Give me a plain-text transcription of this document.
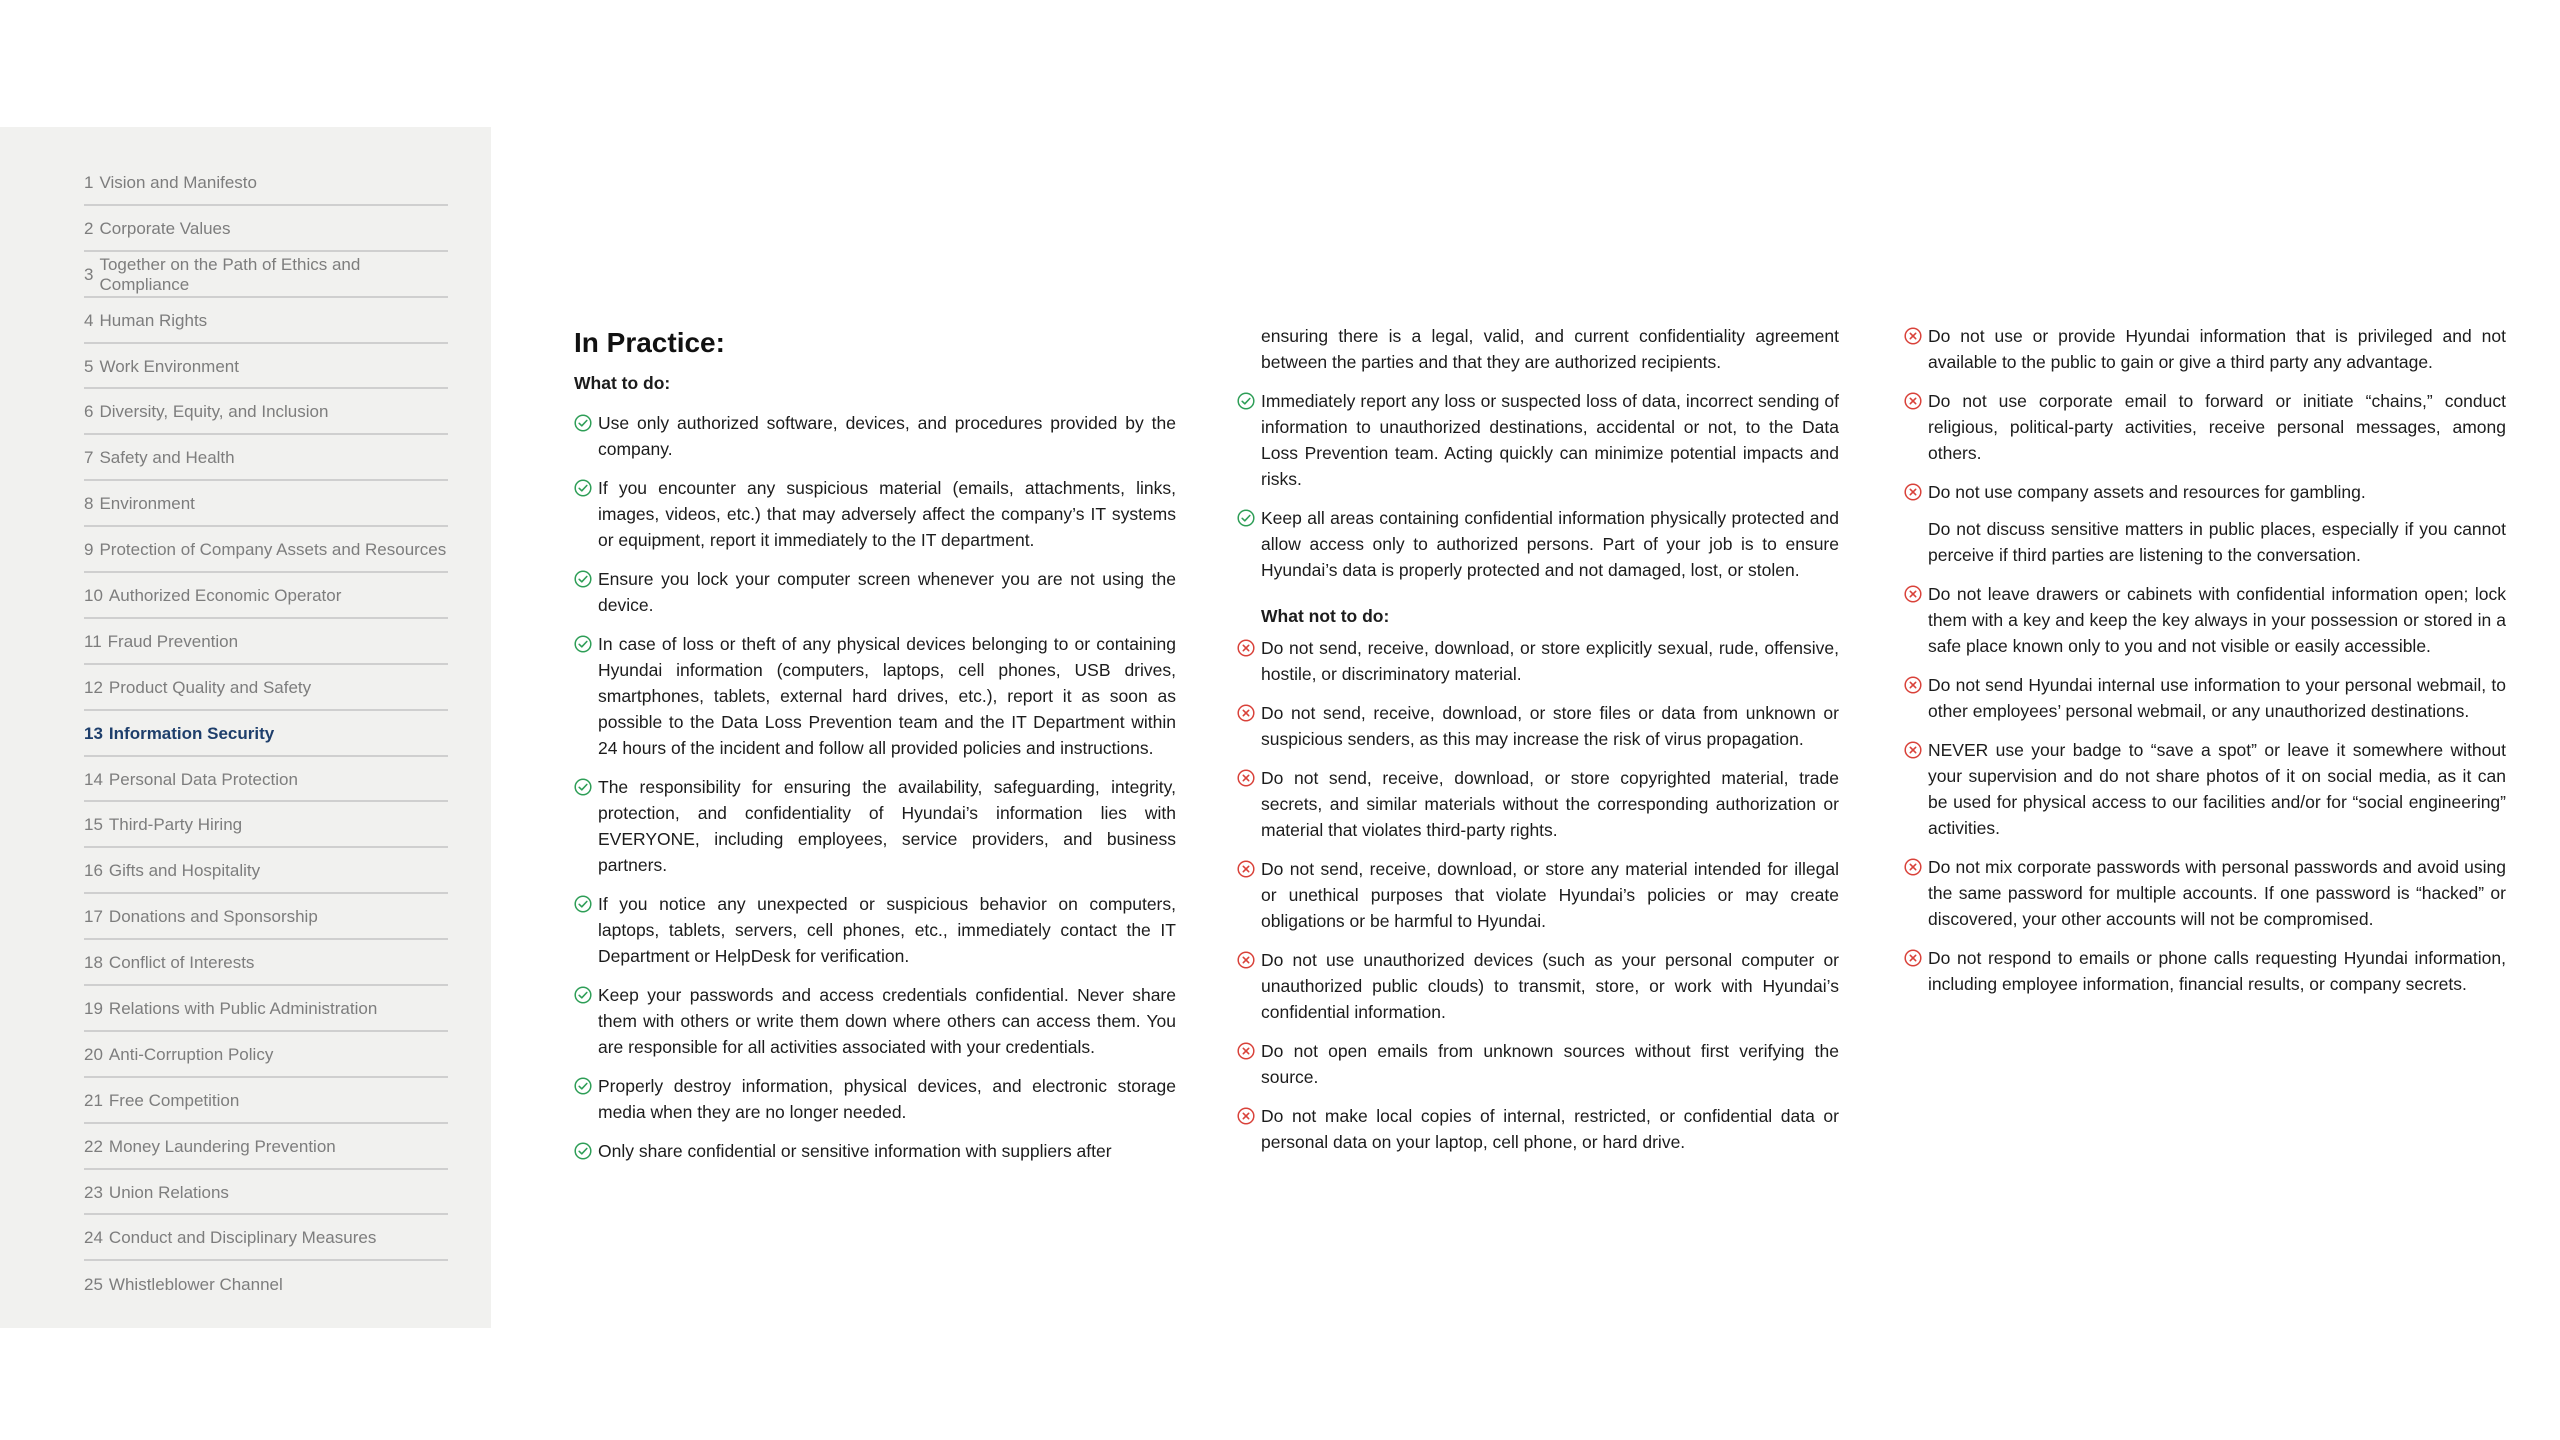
1 Vision and Manifesto
2 Corporate Values
3
Together on the Path of Ethics and Compliance
4 Human Rights
5 Work Environment
6 Diversity, Equity, and Inclusion
7 Safety and Health
8 Environment
9 Protection of Company Assets and Resources
10 Authorized Economic Operator
11 Fraud Prevention
12 Product Quality and Safety
13 Information Security
14 Personal Data Protection
15 Third-Party Hiring
16 Gifts and Hospitality
17 Donations and Sponsorship
18 Conflict of Interests
19 Relations with Public Administration
20 Anti-Corruption Policy
21 Free Competition
22 Money Laundering Prevention
23 Union Relations
24 Conduct and Disciplinary Measures
25 Whistleblower Channel
In Practice:
What to do:
Use only authorized software, devices, and procedures provided by the company.
If you encounter any suspicious material (emails, attachments, links, images, videos, etc.) that may adversely affect the company’s IT systems or equipment, report it immediately to the IT department.
Ensure you lock your computer screen whenever you are not using the device.
In case of loss or theft of any physical devices belonging to or containing Hyundai information (computers, laptops, cell phones, USB drives, smartphones, tablets, external hard drives, etc.), report it as soon as possible to the Data Loss Prevention team and the IT Department within 24 hours of the incident and follow all provided policies and instructions.
The responsibility for ensuring the availability, safeguarding, integrity, protection, and confidentiality of Hyundai’s information lies with EVERYONE, including employees, service providers, and business partners.
If you notice any unexpected or suspicious behavior on computers, laptops, tablets, servers, cell phones, etc., immediately contact the IT Department or HelpDesk for verification.
Keep your passwords and access credentials confidential. Never share them with others or write them down where others can access them. You are responsible for all activities associated with your credentials.
Properly destroy information, physical devices, and electronic storage media when they are no longer needed.
Only share confidential or sensitive information with suppliers after
ensuring there is a legal, valid, and current confidentiality agreement between the parties and that they are authorized recipients.
Immediately report any loss or suspected loss of data, incorrect sending of information to unauthorized destinations, accidental or not, to the Data Loss Prevention team. Acting quickly can minimize potential impacts and risks.
Keep all areas containing confidential information physically protected and allow access only to authorized persons. Part of your job is to ensure Hyundai’s data is properly protected and not damaged, lost, or stolen.
What not to do:
Do not send, receive, download, or store explicitly sexual, rude, offensive, hostile, or discriminatory material.
Do not send, receive, download, or store files or data from unknown or suspicious senders, as this may increase the risk of virus propagation.
Do not send, receive, download, or store copyrighted material, trade secrets, and similar materials without the corresponding authorization or material that violates third-party rights.
Do not send, receive, download, or store any material intended for illegal or unethical purposes that violate Hyundai’s policies or may create obligations or be harmful to Hyundai.
Do not use unauthorized devices (such as your personal computer or unauthorized public clouds) to transmit, store, or work with Hyundai’s confidential information.
Do not open emails from unknown sources without first verifying the source.
Do not make local copies of internal, restricted, or confidential data or personal data on your laptop, cell phone, or hard drive.
Do not use or provide Hyundai information that is privileged and not available to the public to gain or give a third party any advantage.
Do not use corporate email to forward or initiate “chains,” conduct religious, political-party activities, receive personal messages, among others.
Do not use company assets and resources for gambling.
Do not discuss sensitive matters in public places, especially if you cannot perceive if third parties are listening to the conversation.
Do not leave drawers or cabinets with confidential information open; lock them with a key and keep the key always in your possession or stored in a safe place known only to you and not visible or easily accessible.
Do not send Hyundai internal use information to your personal webmail, to other employees’ personal webmail, or any unauthorized destinations.
NEVER use your badge to “save a spot” or leave it somewhere without your supervision and do not share photos of it on social media, as it can be used for physical access to our facilities and/or for “social engineering” activities.
Do not mix corporate passwords with personal passwords and avoid using the same password for multiple accounts. If one password is “hacked” or discovered, your other accounts will not be compromised.
Do not respond to emails or phone calls requesting Hyundai information, including employee information, financial results, or company secrets.
